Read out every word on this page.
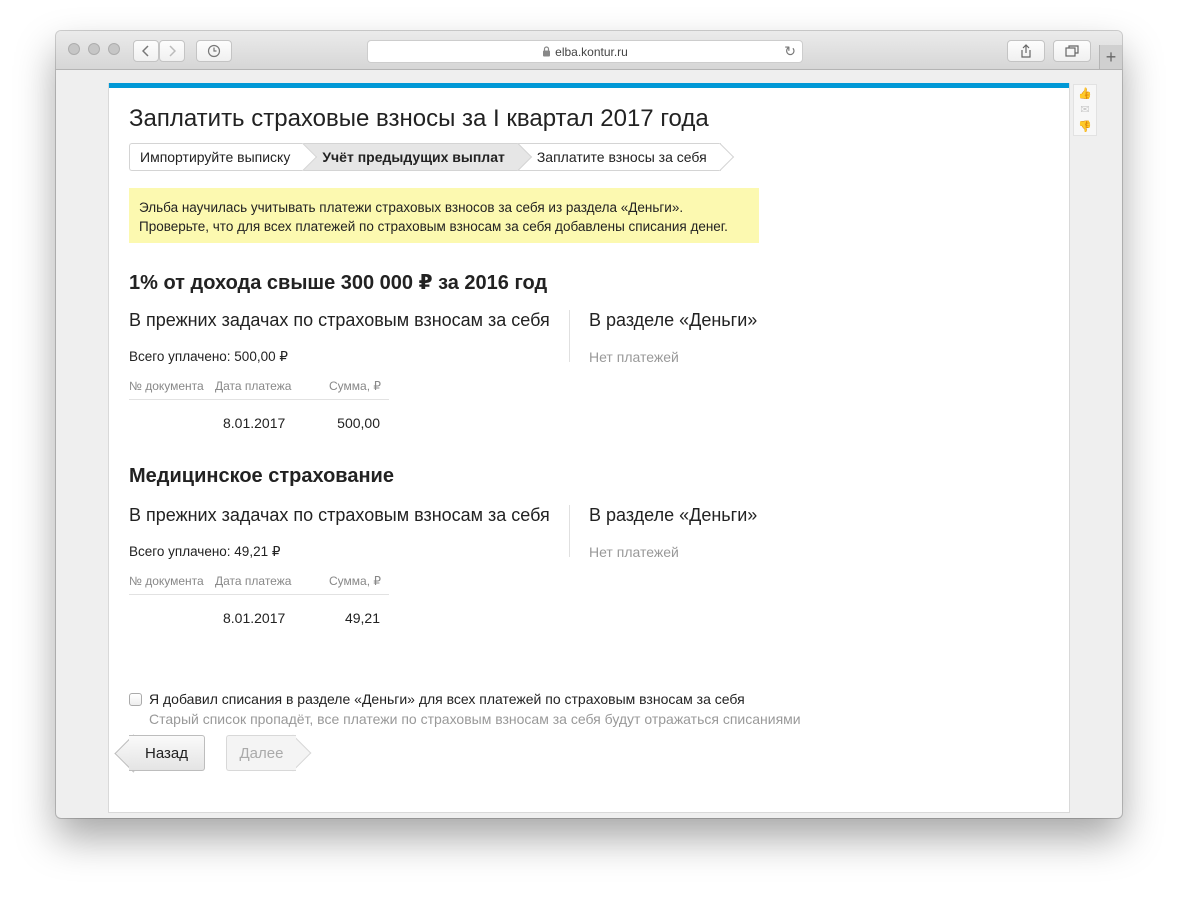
elba.kontur.ru	↻	+
Заплатить страховые взносы за I квартал 2017 года
Импортируйте выписку Учёт предыдущих выплат Заплатите взносы за себя
Эльба научилась учитывать платежи страховых взносов за себя из раздела «Деньги».
Проверьте, что для всех платежей по страховым взносам за себя добавлены списания денег.
1% от дохода свыше 300 000 ₽ за 2016 год
В прежних задачах по страховым взносам за себя В разделе «Деньги»
Всего уплачено: 500,00 ₽	Нет платежей
№ документа Дата платежа	Сумма, ₽
8.01.2017	500,00
Медицинское страхование
В прежних задачах по страховым взносам за себя В разделе «Деньги»
Всего уплачено: 49,21 ₽	Нет платежей
№ документа Дата платежа	Сумма, ₽
8.01.2017	49,21
Я добавил списания в разделе «Деньги» для всех платежей по страховым взносам за себя
Старый список пропадёт, все платежи по страховым взносам за себя будут отражаться списаниями
Назад	Далее
👍
✉
👎
